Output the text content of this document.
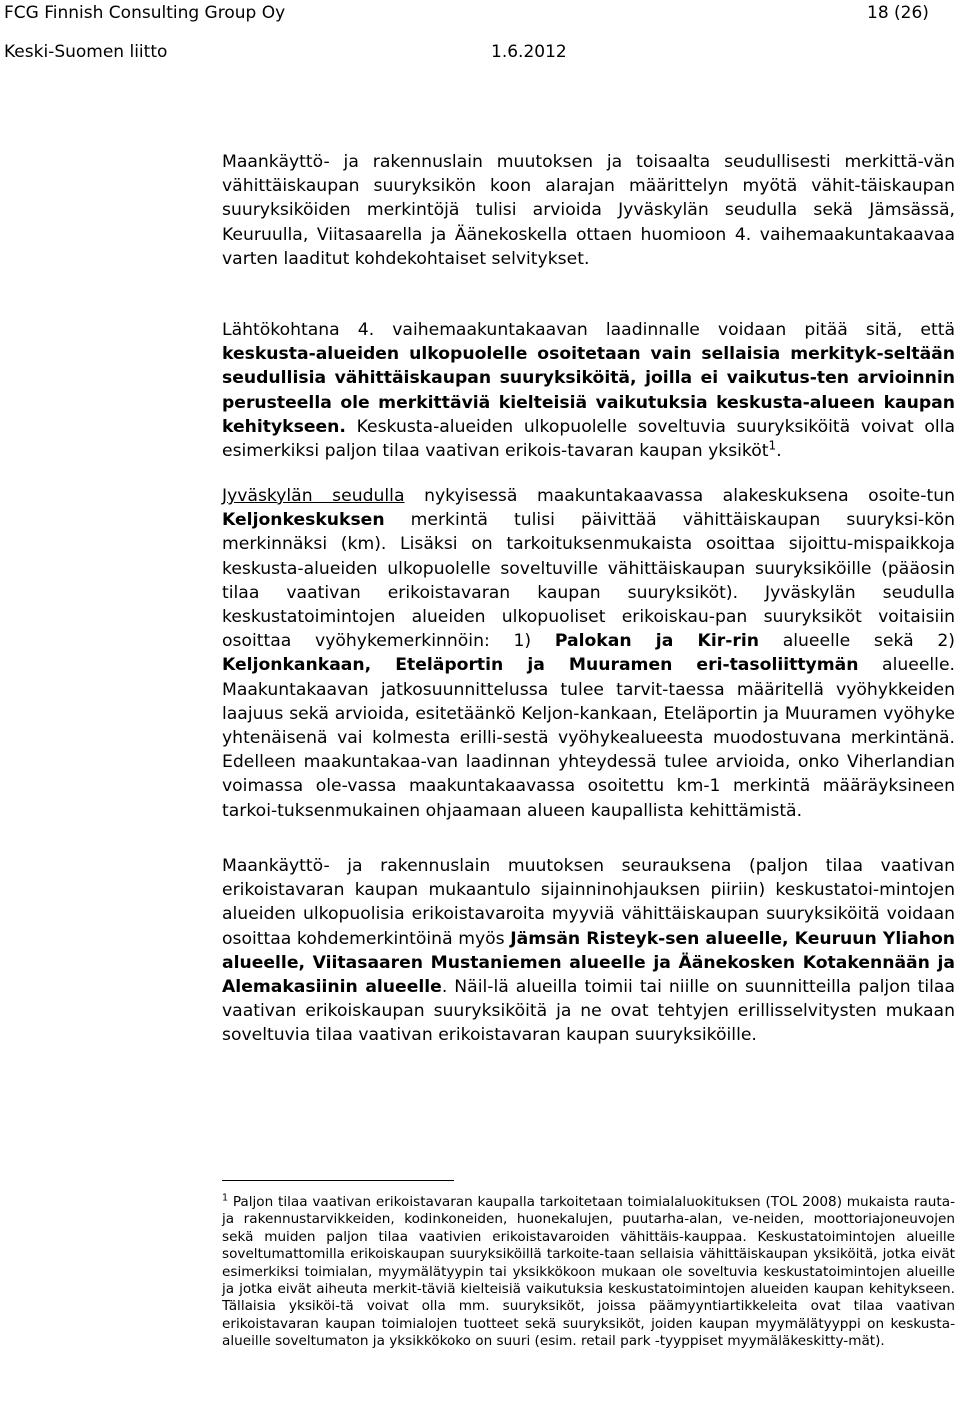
FCG Finnish Consulting Group Oy	18 (26)
Keski-Suomen liitto	1.6.2012

Maankäyttö- ja rakennuslain muutoksen ja toisaalta seudullisesti merkittä-vän vähittäiskaupan suuryksikön koon alarajan määrittelyn myötä vähit-täiskaupan suuryksiköiden merkintöjä tulisi arvioida Jyväskylän seudulla sekä Jämsässä, Keuruulla, Viitasaarella ja Äänekoskella ottaen huomioon 4. vaihemaakuntakaavaa varten laaditut kohdekohtaiset selvitykset.

Lähtökohtana 4. vaihemaakuntakaavan laadinnalle voidaan pitää sitä, että keskusta-alueiden ulkopuolelle osoitetaan vain sellaisia merkityk-seltään seudullisia vähittäiskaupan suuryksiköitä, joilla ei vaikutus-ten arvioinnin perusteella ole merkittäviä kielteisiä vaikutuksia keskusta-alueen kaupan kehitykseen. Keskusta-alueiden ulkopuolelle soveltuvia suuryksiköitä voivat olla esimerkiksi paljon tilaa vaativan erikois-tavaran kaupan yksiköt$^1$.

Jyväskylän seudulla nykyisessä maakuntakaavassa alakeskuksena osoite-tun Keljonkeskuksen merkintä tulisi päivittää vähittäiskaupan suuryksi-kön merkinnäksi (km). Lisäksi on tarkoituksenmukaista osoittaa sijoittu-mispaikkoja keskusta-alueiden ulkopuolelle soveltuville vähittäiskaupan suuryksiköille (pääosin tilaa vaativan erikoistavaran kaupan suuryksiköt). Jyväskylän seudulla keskustatoimintojen alueiden ulkopuoliset erikoiskau-pan suuryksiköt voitaisiin osoittaa vyöhykemerkinnöin: 1) Palokan ja Kir-rin alueelle sekä 2) Keljonkankaan, Eteläportin ja Muuramen eri-tasoliittymän alueelle. Maakuntakaavan jatkosuunnittelussa tulee tarvit-taessa määritellä vyöhykkeiden laajuus sekä arvioida, esitetäänkö Keljon-kankaan, Eteläportin ja Muuramen vyöhyke yhtenäisenä vai kolmesta erilli-sestä vyöhykealueesta muodostuvana merkintänä. Edelleen maakuntakaa-van laadinnan yhteydessä tulee arvioida, onko Viherlandian voimassa ole-vassa maakuntakaavassa osoitettu km-1 merkintä määräyksineen tarkoi-tuksenmukainen ohjaamaan alueen kaupallista kehittämistä.

Maankäyttö- ja rakennuslain muutoksen seurauksena (paljon tilaa vaativan erikoistavaran kaupan mukaantulo sijainninohjauksen piiriin) keskustatoi-mintojen alueiden ulkopuolisia erikoistavaroita myyviä vähittäiskaupan suuryksiköitä voidaan osoittaa kohdemerkintöinä myös Jämsän Risteyk-sen alueelle, Keuruun Yliahon alueelle, Viitasaaren Mustaniemen alueelle ja Äänekosken Kotakennään ja Alemakasiinin alueelle. Näil-lä alueilla toimii tai niille on suunnitteilla paljon tilaa vaativan erikoiskaupan suuryksiköitä ja ne ovat tehtyjen erillisselvitysten mukaan soveltuvia tilaa vaativan erikoistavaran kaupan suuryksiköille.

$^1$ Paljon tilaa vaativan erikoistavaran kaupalla tarkoitetaan toimialaluokituksen (TOL 2008) mukaista rauta- ja rakennustarvikkeiden, kodinkoneiden, huonekalujen, puutarha-alan, ve-neiden, moottoriajoneuvojen sekä muiden paljon tilaa vaativien erikoistavaroiden vähittäis-kauppaa. Keskustatoimintojen alueille soveltumattomilla erikoiskaupan suuryksiköillä tarkoite-taan sellaisia vähittäiskaupan yksiköitä, jotka eivät esimerkiksi toimialan, myymälätyypin tai yksikkökoon mukaan ole soveltuvia keskustatoimintojen alueille ja jotka eivät aiheuta merkit-täviä kielteisiä vaikutuksia keskustatoimintojen alueiden kaupan kehitykseen. Tällaisia yksiköi-tä voivat olla mm. suuryksiköt, joissa päämyyntiartikkeleita ovat tilaa vaativan erikoistavaran kaupan toimialojen tuotteet sekä suuryksiköt, joiden kaupan myymälätyyppi on keskusta-alueille soveltumaton ja yksikkökoko on suuri (esim. retail park -tyyppiset myymäläkeskitty-mät).
